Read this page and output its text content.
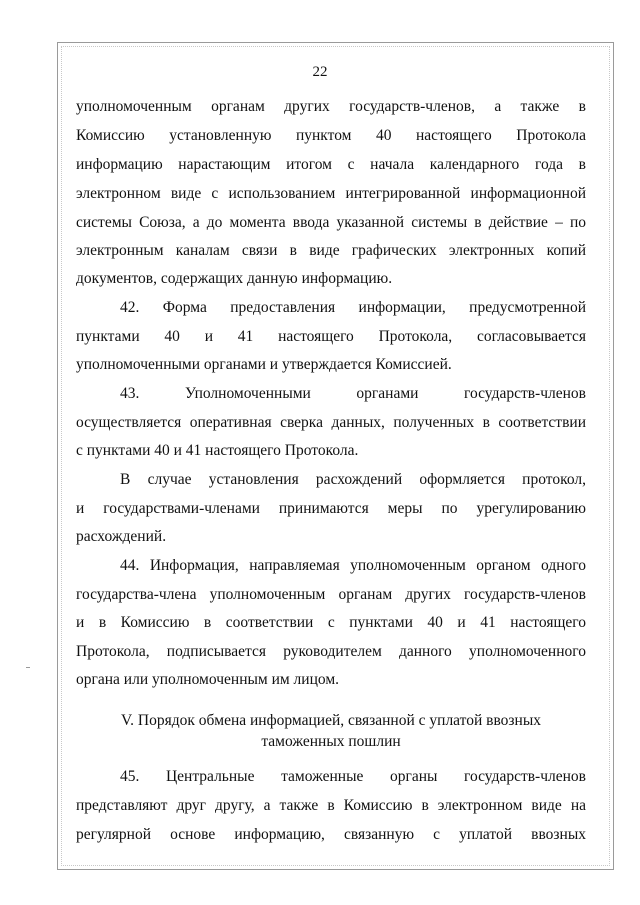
22
уполномоченным органам других государств-членов, а также в
Комиссию установленную пунктом 40 настоящего Протокола
информацию нарастающим итогом с начала календарного года в
электронном виде с использованием интегрированной информационной
системы Союза, а до момента ввода указанной системы в действие – по
электронным каналам связи в виде графических электронных копий
документов, содержащих данную информацию.
42. Форма предоставления информации, предусмотренной
пунктами 40 и 41 настоящего Протокола, согласовывается
уполномоченными органами и утверждается Комиссией.
43. Уполномоченными органами государств-членов
осуществляется оперативная сверка данных, полученных в соответствии
с пунктами 40 и 41 настоящего Протокола.
В случае установления расхождений оформляется протокол,
и государствами-членами принимаются меры по урегулированию
расхождений.
44. Информация, направляемая уполномоченным органом одного
государства-члена уполномоченным органам других государств-членов
и в Комиссию в соответствии с пунктами 40 и 41 настоящего
Протокола, подписывается руководителем данного уполномоченного
органа или уполномоченным им лицом.
V. Порядок обмена информацией, связанной с уплатой ввозных
таможенных пошлин
45. Центральные таможенные органы государств-членов
представляют друг другу, а также в Комиссию в электронном виде на
регулярной основе информацию, связанную с уплатой ввозных
